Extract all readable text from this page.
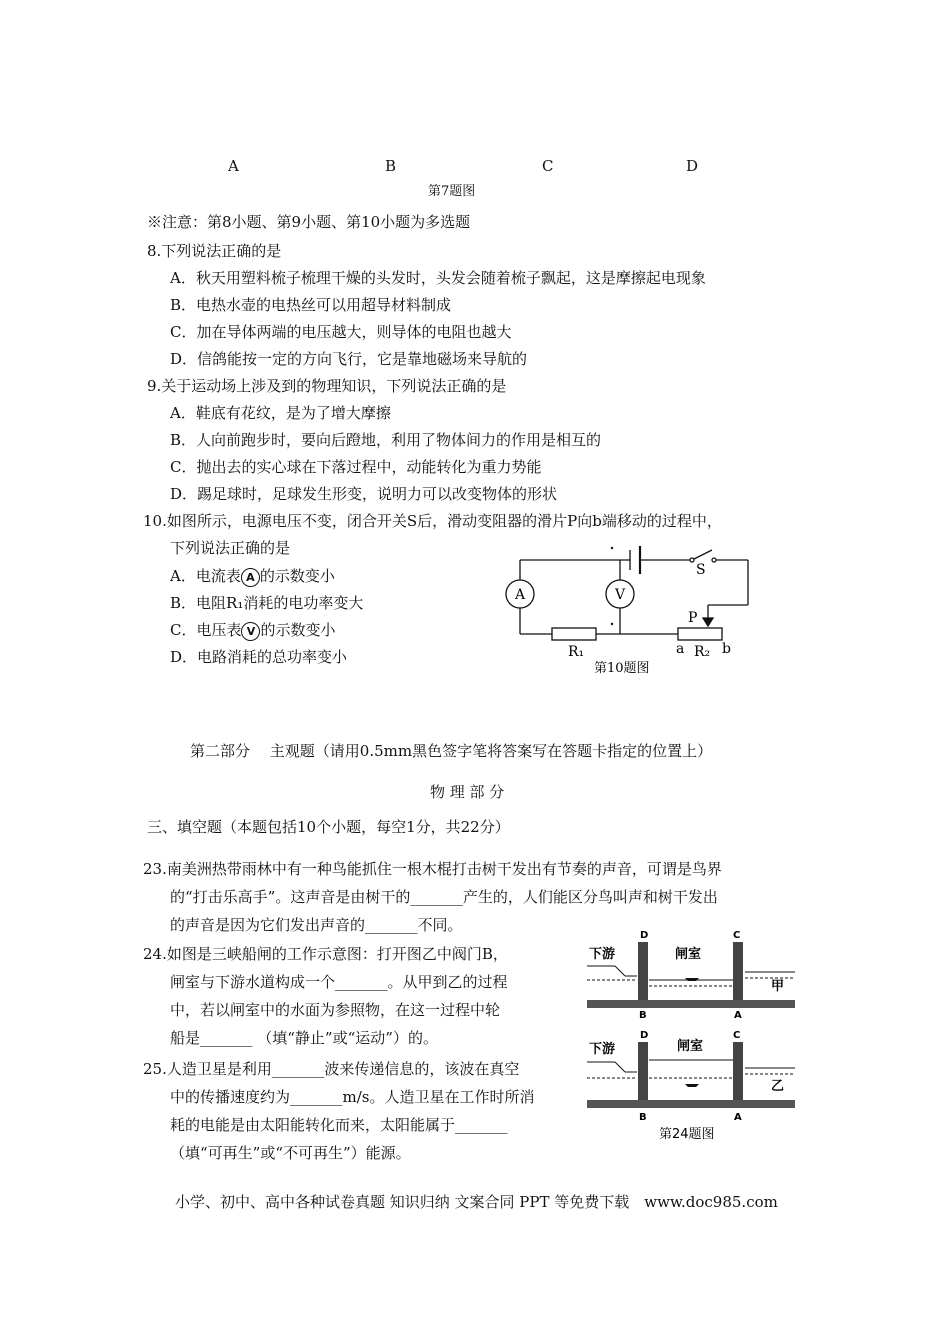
A	B	C	D
第7题图
※注意：第8小题、第9小题、第10小题为多选题
8.下列说法正确的是
A．秋天用塑料梳子梳理干燥的头发时，头发会随着梳子飘起，这是摩擦起电现象
B．电热水壶的电热丝可以用超导材料制成
C．加在导体两端的电压越大，则导体的电阻也越大
D．信鸽能按一定的方向飞行，它是靠地磁场来导航的
9.关于运动场上涉及到的物理知识，下列说法正确的是
A．鞋底有花纹，是为了增大摩擦
B．人向前跑步时，要向后蹬地，利用了物体间力的作用是相互的
C．抛出去的实心球在下落过程中，动能转化为重力势能
D．踢足球时，足球发生形变，说明力可以改变物体的形状
10.如图所示，电源电压不变，闭合开关S后，滑动变阻器的滑片P向b端移动的过程中，
下列说法正确的是
A．电流表 A 的示数变小
B．电阻R₁消耗的电功率变大
C．电压表 V 的示数变小
D．电路消耗的总功率变小
A	V
S
P
R₁	a R₂ b
第10题图
第二部分　 主观题（请用0.5mm黑色签字笔将答案写在答题卡指定的位置上）
物 理 部 分
三、填空题（本题包括10个小题，每空1分，共22分）
23.南美洲热带雨林中有一种鸟能抓住一根木棍打击树干发出有节奏的声音，可谓是鸟界
的“打击乐高手”。这声音是由树干的_______产生的，人们能区分鸟叫声和树干发出
的声音是因为它们发出声音的_______不同。
24.如图是三峡船闸的工作示意图：打开图乙中阀门B，
闸室与下游水道构成一个_______。从甲到乙的过程
中，若以闸室中的水面为参照物，在这一过程中轮
船是_______ （填“静止”或“运动”）的。
25.人造卫星是利用_______波来传递信息的，该波在真空
中的传播速度约为_______m/s。人造卫星在工作时所消
耗的电能是由太阳能转化而来，太阳能属于_______
（填“可再生”或“不可再生”）能源。
下游	闸室
D	C
B	A
甲
D	C
下游	闸室
B	A
乙
第24题图
小学、初中、高中各种试卷真题 知识归纳 文案合同 PPT 等免费下载　www.doc985.com
